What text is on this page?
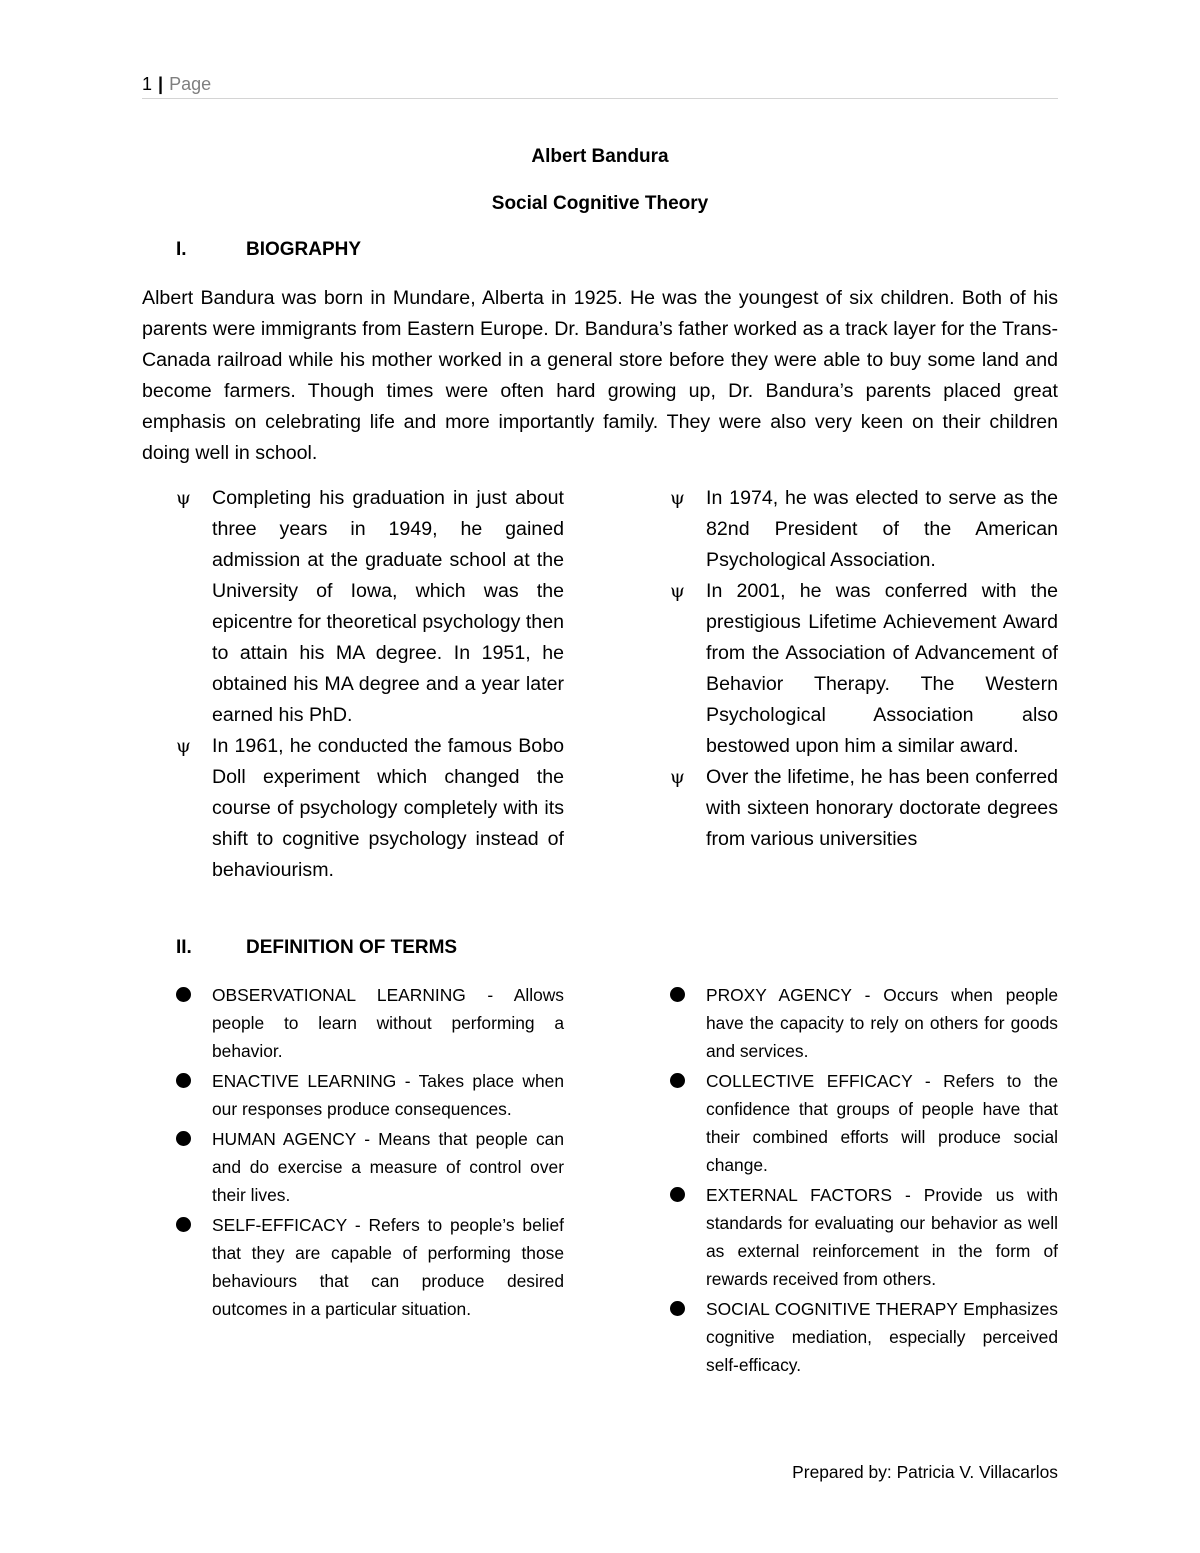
1 | Page
Albert Bandura
Social Cognitive Theory
I.	BIOGRAPHY

Albert Bandura was born in Mundare, Alberta in 1925. He was the youngest of six children. Both of his parents were immigrants from Eastern Europe. Dr. Bandura’s father worked as a track layer for the Trans-Canada railroad while his mother worked in a general store before they were able to buy some land and become farmers. Though times were often hard growing up, Dr. Bandura’s parents placed great emphasis on celebrating life and more importantly family. They were also very keen on their children doing well in school.

ψ Completing his graduation in just about three years in 1949, he gained admission at the graduate school at the University of Iowa, which was the epicentre for theoretical psychology then to attain his MA degree. In 1951, he obtained his MA degree and a year later earned his PhD.
ψ In 1961, he conducted the famous Bobo Doll experiment which changed the course of psychology completely with its shift to cognitive psychology instead of behaviourism.
ψ In 1974, he was elected to serve as the 82nd President of the American Psychological Association.
ψ In 2001, he was conferred with the prestigious Lifetime Achievement Award from the Association of Advancement of Behavior Therapy. The Western Psychological Association also bestowed upon him a similar award.
ψ Over the lifetime, he has been conferred with sixteen honorary doctorate degrees from various universities
II.	DEFINITION OF TERMS
OBSERVATIONAL LEARNING - Allows people to learn without performing a behavior.
ENACTIVE LEARNING - Takes place when our responses produce consequences.
HUMAN AGENCY - Means that people can and do exercise a measure of control over their lives.
SELF-EFFICACY - Refers to people’s belief that they are capable of performing those behaviours that can produce desired outcomes in a particular situation.
PROXY AGENCY - Occurs when people have the capacity to rely on others for goods and services.
COLLECTIVE EFFICACY - Refers to the confidence that groups of people have that their combined efforts will produce social change.
EXTERNAL FACTORS - Provide us with standards for evaluating our behavior as well as external reinforcement in the form of rewards received from others.
SOCIAL COGNITIVE THERAPY Emphasizes cognitive mediation, especially perceived self-efficacy.
Prepared by: Patricia V. Villacarlos
